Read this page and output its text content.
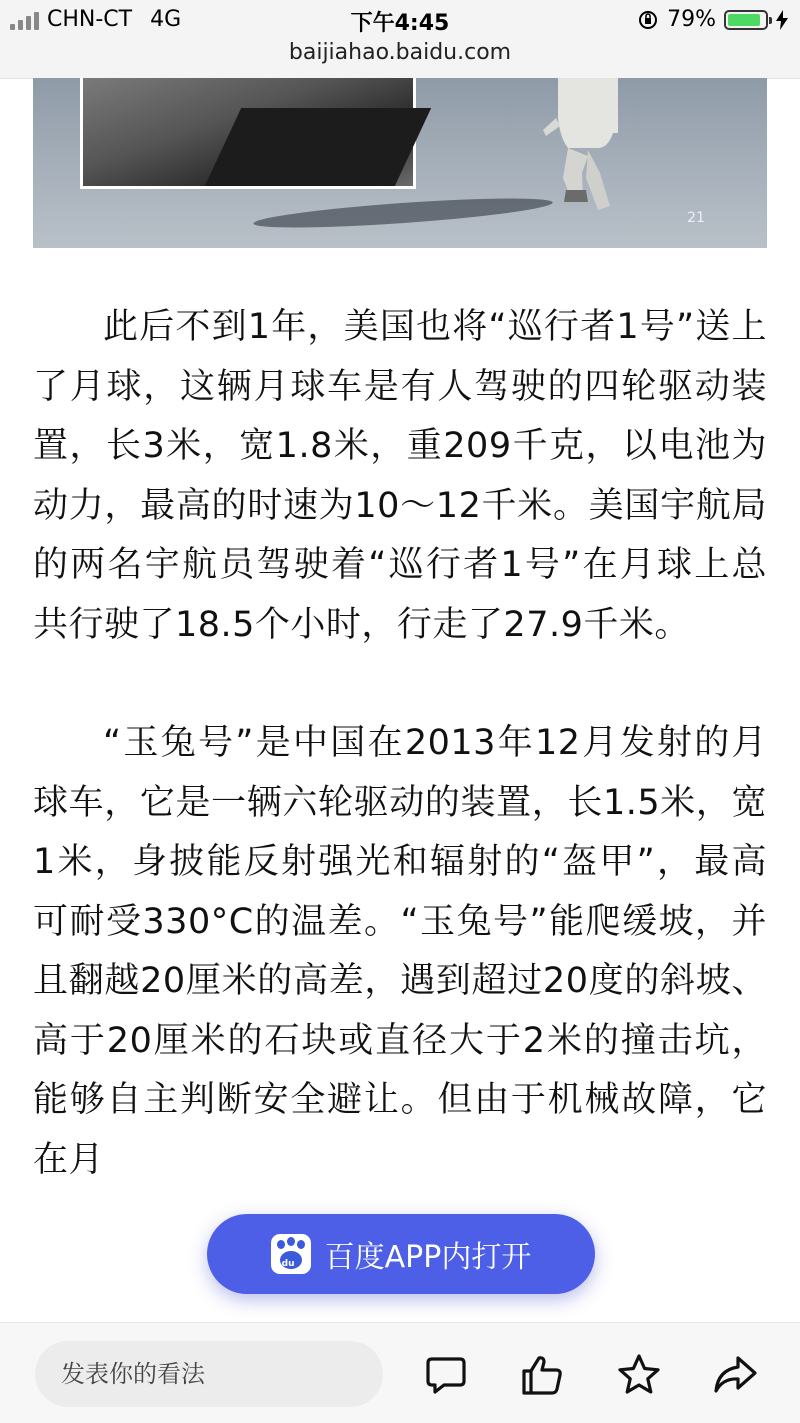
CHN-CT 4G	下午4:45	79%
baijiahao.baidu.com
21

此后不到1年，美国也将“巡行者1号”送上了月球，这辆月球车是有人驾驶的四轮驱动装置，长3米，宽1.8米，重209千克，以电池为动力，最高的时速为10～12千米。美国宇航局的两名宇航员驾驶着“巡行者1号”在月球上总共行驶了18.5个小时，行走了27.9千米。

“玉兔号”是中国在2013年12月发射的月球车，它是一辆六轮驱动的装置，长1.5米，宽1米，身披能反射强光和辐射的“盔甲”，最高可耐受330°C的温差。“玉兔号”能爬缓坡，并且翻越20厘米的高差，遇到超过20度的斜坡、高于20厘米的石块或直径大于2米的撞击坑，能够自主判断安全避让。但由于机械故障，它在月

du 百度APP内打开
发表你的看法
